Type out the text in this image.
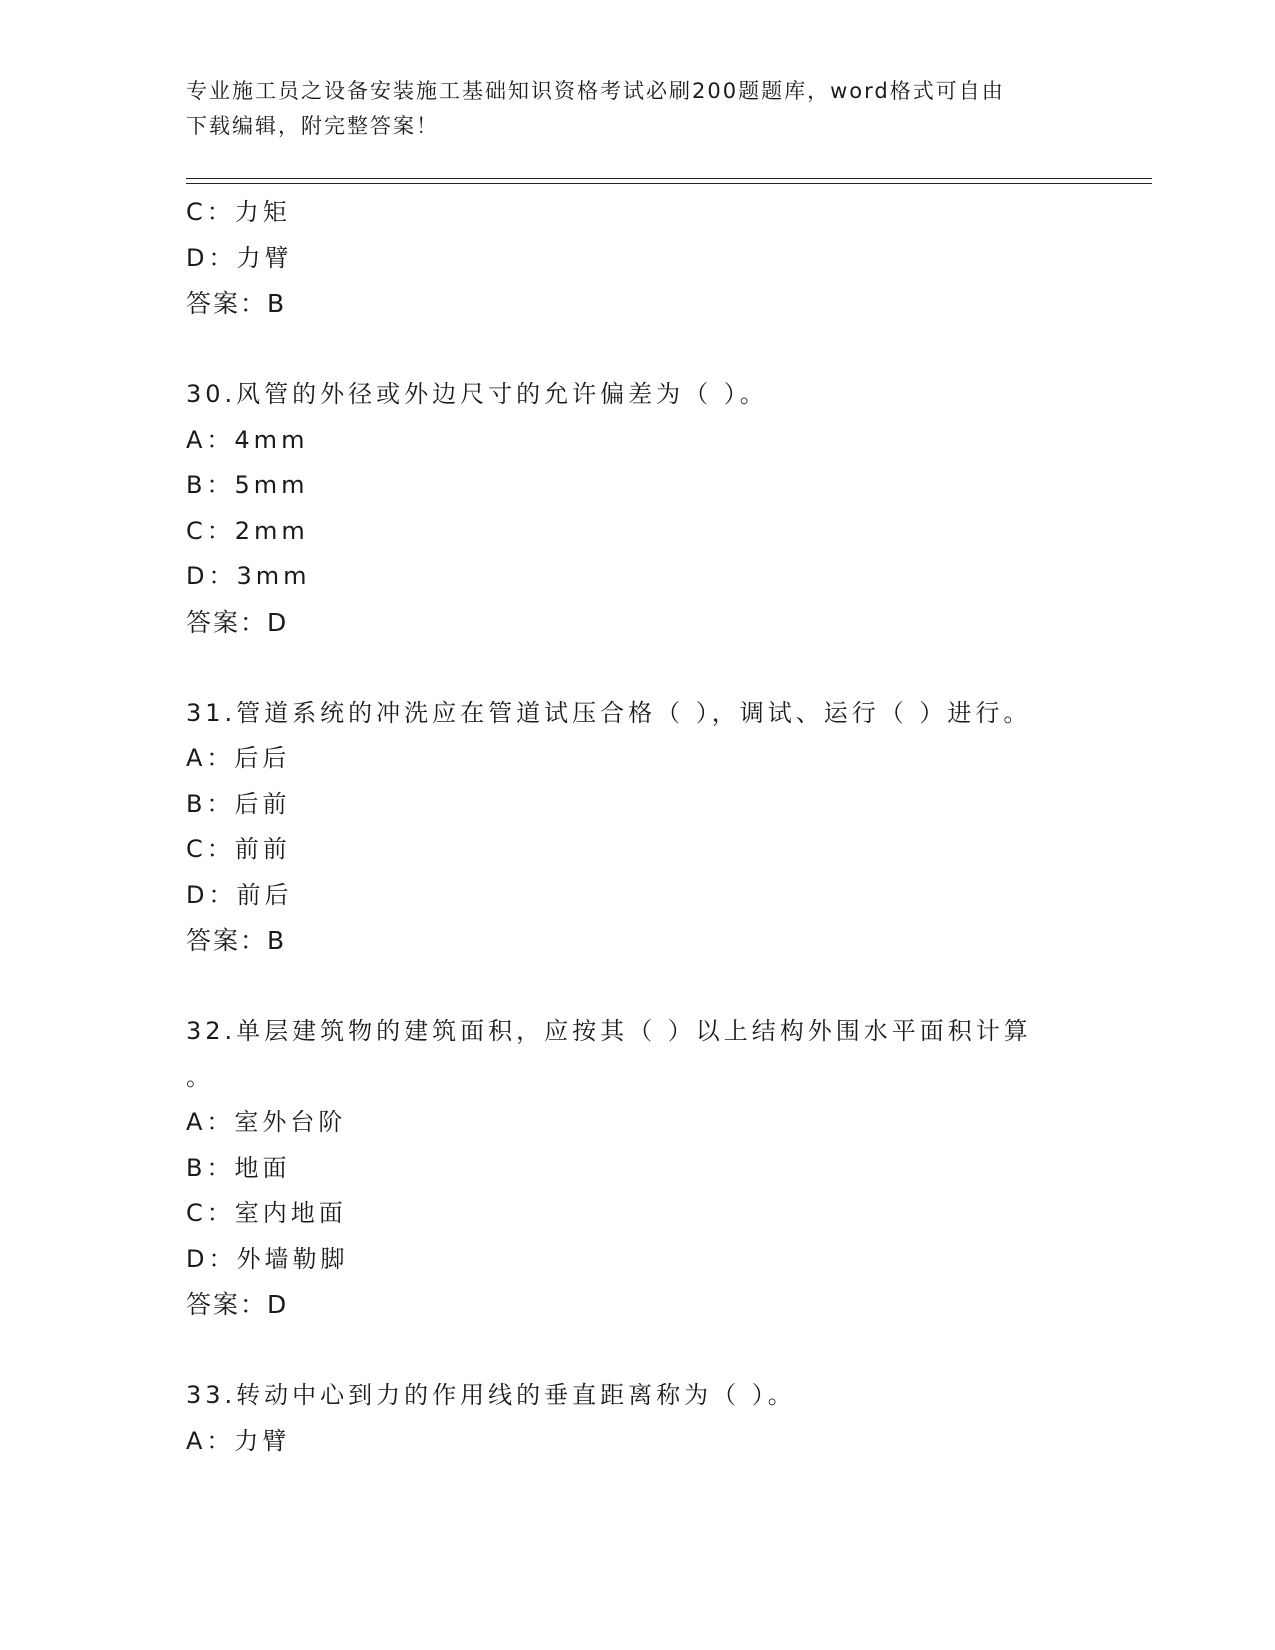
专业施工员之设备安装施工基础知识资格考试必刷200题题库，word格式可自由
下载编辑，附完整答案！
C：力矩
D：力臂
答案：B
30.风管的外径或外边尺寸的允许偏差为（ ）。
A：4mm
B：5mm
C：2mm
D：3mm
答案：D
31.管道系统的冲洗应在管道试压合格（ ），调试、运行（ ）进行。
A：后后
B：后前
C：前前
D：前后
答案：B
32.单层建筑物的建筑面积，应按其（ ）以上结构外围水平面积计算
。
A：室外台阶
B：地面
C：室内地面
D：外墙勒脚
答案：D
33.转动中心到力的作用线的垂直距离称为（ ）。
A：力臂
